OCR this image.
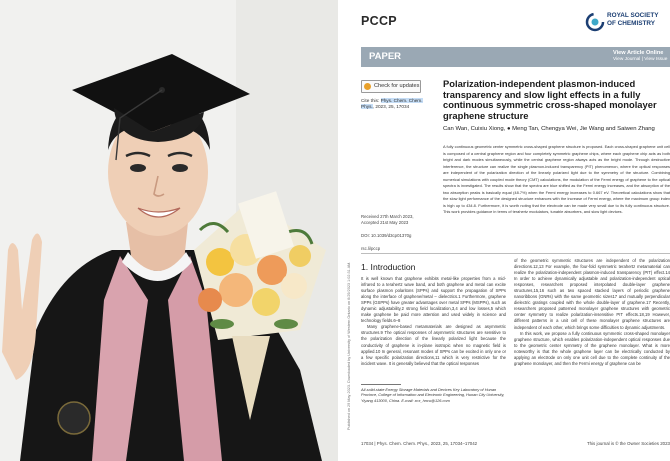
Published on 29 May 2023. Downloaded by University of Western Ontario on 6/29/2023 1:02:31 AM.
PCCP	ROYAL SOCIETY
OF CHEMISTRY
PAPER	View Article Online
View Journal | View Issue
Check for updates
Cite this: Phys. Chem. Chem. Phys., 2023, 25, 17034
Polarization-independent plasmon-induced transparency and slow light effects in a fully continuous symmetric cross-shaped monolayer graphene structure
Can Wan, Cuixiu Xiong, ● Meng Tan, Chengya Wei, Jie Wang and Saiwen Zhang
A fully continuous geometric center symmetric cross-shaped graphene structure is proposed. Each cross-shaped graphene unit cell is composed of a central graphene region and four completely symmetric graphene chips, where each graphene chip acts as both bright and dark modes simultaneously, while the central graphene region always acts as the bright mode. Through destructive interference, the structure can realize the single plasmon-induced transparency (PIT) phenomenon, where the optical responses are independent of the polarization direction of the linearly polarized light due to the symmetry of the structure. Combining numerical simulations with coupled mode theory (CMT) calculations, the modulation of the Fermi energy of graphene to the optical spectra is investigated. The results show that the spectra are blue shifted as the Fermi energy increases, and the absorption of the two absorption peaks is basically equal (48.7%) when the Fermi energy increases to 0.667 eV. Theoretical calculations show that the slow light performance of the designed structure enhances with the increase of Fermi energy, where the maximum group index is high up to 434.8. Furthermore, it is worth noting that the electrode can be made very small due to its fully continuous structure. This work provides guidance in terms of terahertz modulators, tunable absorbers, and slow light devices.
Received 27th March 2023,
Accepted 21st May 2023
DOI: 10.1039/d3cp01370g
rsc.li/pccp
1. Introduction

It is well known that graphene exhibits metal-like properties from a mid-infrared to a terahertz wave band, and both graphene and metal can excite surface plasmon polaritons (SPPs) and support the propagation of SPPs along the interface of graphene/metal – dielectrics.1 Furthermore, graphene SPPs (GSPPs) have greater advantages over metal SPPs (MSPPs), such as dynamic adjustability,2 strong field localization,3,4 and low losses,5 which make graphene be paid more attention and used widely in science and technology fields.6–8

Many graphene-based metamaterials are designed as asymmetric structures.9 The optical responses of asymmetric structures are sensitive to the polarization direction of the linearly polarized light because the conductivity of graphene is in-plane isotropic when no magnetic field is applied.10 In general, resonant modes of SPPs can be excited in only one or a few specific polarization directions,11 which is very restrictive for the incident wave. It is generally believed that the optical responses

of the geometric symmetric structures are independent of the polarization directions.12,13 For example, the four-fold symmetric terahertz metamaterial can realize the polarization-independent plasmon-induced transparency (PIT) effect.14 In order to achieve dynamically adjustable and polarization-independent optical responses, researchers proposed interpolated double-layer graphene structures,15,16 such as two spaced stacked layers of periodic graphene nanoribbons (GNRs) with the same geometric sizes17 and mutually perpendicular dielectric gratings coupled with the whole double-layer of graphene.17 Recently, researchers proposed patterned monolayer graphene structures with geometric center symmetry to realize polarization-insensitive PIT effects.18,19 However, different patterns in a unit cell of these monolayer graphene structures are independent of each other, which brings some difficulties to dynamic adjustments.

In this work, we propose a fully continuous symmetric cross-shaped monolayer graphene structure, which enables polarization-independent optical responses due to the geometric center symmetry of the graphene monolayer. What is more noteworthy is that the whole graphene layer can be electrically conducted by applying an electrode on only one unit cell due to the complete continuity of the graphene monolayer, and then the Fermi energy of graphene can be

All-solid-state Energy Storage Materials and Devices Key Laboratory of Hunan Province, College of Information and Electronic Engineering, Hunan City University, Yiyang 413000, China. E-mail: xcx_hncu@126.com
17034 | Phys. Chem. Chem. Phys., 2023, 25, 17034–17042	This journal is © the Owner Societies 2023
